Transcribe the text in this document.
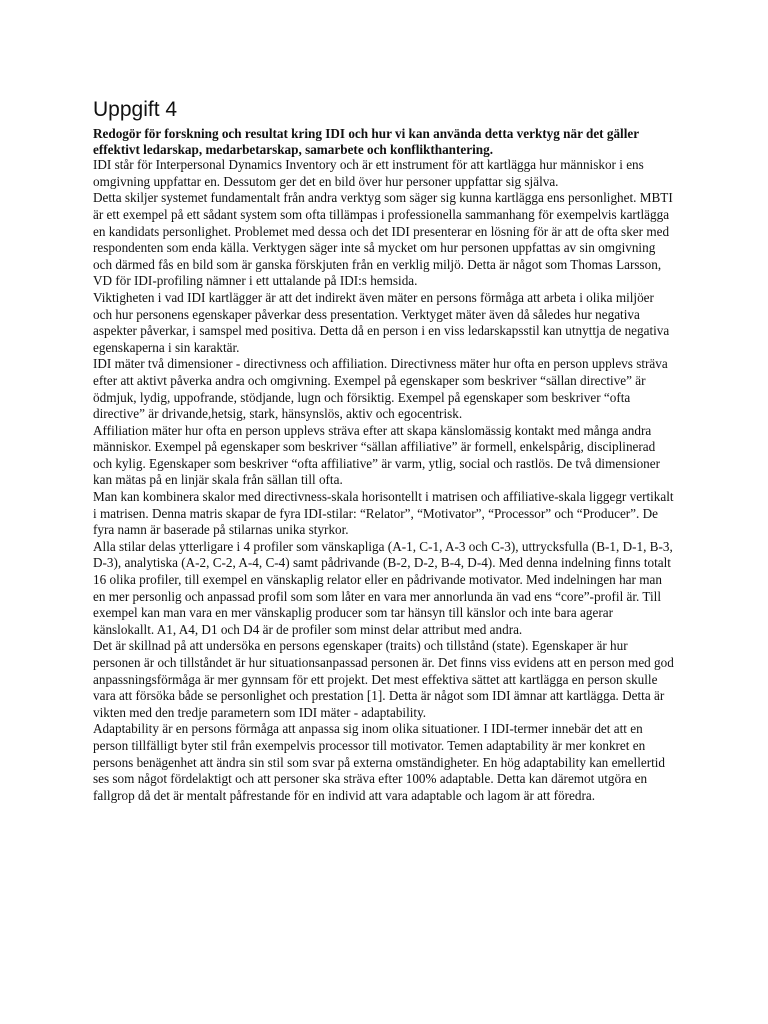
Uppgift 4

Redogör för forskning och resultat kring IDI och hur vi kan använda detta verktyg när det gäller effektivt ledarskap, medarbetarskap, samarbete och konflikthantering.

IDI står för Interpersonal Dynamics Inventory och är ett instrument för att kartlägga hur människor i ens omgivning uppfattar en. Dessutom ger det en bild över hur personer uppfattar sig själva.

Detta skiljer systemet fundamentalt från andra verktyg som säger sig kunna kartlägga ens personlighet. MBTI är ett exempel på ett sådant system som ofta tillämpas i professionella sammanhang för exempelvis kartlägga en kandidats personlighet. Problemet med dessa och det IDI presenterar en lösning för är att de ofta sker med respondenten som enda källa. Verktygen säger inte så mycket om hur personen uppfattas av sin omgivning och därmed fås en bild som är ganska förskjuten från en verklig miljö. Detta är något som Thomas Larsson, VD för IDI-profiling nämner i ett uttalande på IDI:s hemsida.

Viktigheten i vad IDI kartlägger är att det indirekt även mäter en persons förmåga att arbeta i olika miljöer och hur personens egenskaper påverkar dess presentation. Verktyget mäter även då således hur negativa aspekter påverkar, i samspel med positiva. Detta då en person i en viss ledarskapsstil kan utnyttja de negativa egenskaperna i sin karaktär.

IDI mäter två dimensioner - directivness och affiliation. Directivness mäter hur ofta en person upplevs sträva efter att aktivt påverka andra och omgivning. Exempel på egenskaper som beskriver “sällan directive” är ödmjuk, lydig, uppofrande, stödjande, lugn och försiktig. Exempel på egenskaper som beskriver “ofta directive” är drivande,hetsig, stark, hänsynslös, aktiv och egocentrisk.

Affiliation mäter hur ofta en person upplevs sträva efter att skapa känslomässig kontakt med många andra människor. Exempel på egenskaper som beskriver “sällan affiliative” är formell, enkelspårig, disciplinerad och kylig. Egenskaper som beskriver “ofta affiliative” är varm, ytlig, social och rastlös. De två dimensioner kan mätas på en linjär skala från sällan till ofta.

Man kan kombinera skalor med directivness-skala horisontellt i matrisen och affiliative-skala liggegr vertikalt i matrisen. Denna matris skapar de fyra IDI-stilar: “Relator”, “Motivator”, “Processor” och “Producer”. De fyra namn är baserade på stilarnas unika styrkor.

Alla stilar delas ytterligare i 4 profiler som vänskapliga (A-1, C-1, A-3 och C-3), uttrycksfulla (B-1, D-1, B-3, D-3), analytiska (A-2, C-2, A-4, C-4) samt pådrivande (B-2, D-2, B-4, D-4). Med denna indelning finns totalt 16 olika profiler, till exempel en vänskaplig relator eller en pådrivande motivator. Med indelningen har man en mer personlig och anpassad profil som som låter en vara mer annorlunda än vad ens “core”-profil är. Till exempel kan man vara en mer vänskaplig producer som tar hänsyn till känslor och inte bara agerar känslokallt. A1, A4, D1 och D4 är de profiler som minst delar attribut med andra.

Det är skillnad på att undersöka en persons egenskaper (traits) och tillstånd (state). Egenskaper är hur personen är och tillståndet är hur situationsanpassad personen är. Det finns viss evidens att en person med god anpassningsförmåga är mer gynnsam för ett projekt. Det mest effektiva sättet att kartlägga en person skulle vara att försöka både se personlighet och prestation [1]. Detta är något som IDI ämnar att kartlägga. Detta är vikten med den tredje parametern som IDI mäter - adaptability.

Adaptability är en persons förmåga att anpassa sig inom olika situationer. I IDI-termer innebär det att en person tillfälligt byter stil från exempelvis processor till motivator. Temen adaptability är mer konkret en persons benägenhet att ändra sin stil som svar på externa omständigheter. En hög adaptability kan emellertid ses som något fördelaktigt och att personer ska sträva efter 100% adaptable. Detta kan däremot utgöra en fallgrop då det är mentalt påfrestande för en individ att vara adaptable och lagom är att föredra.
